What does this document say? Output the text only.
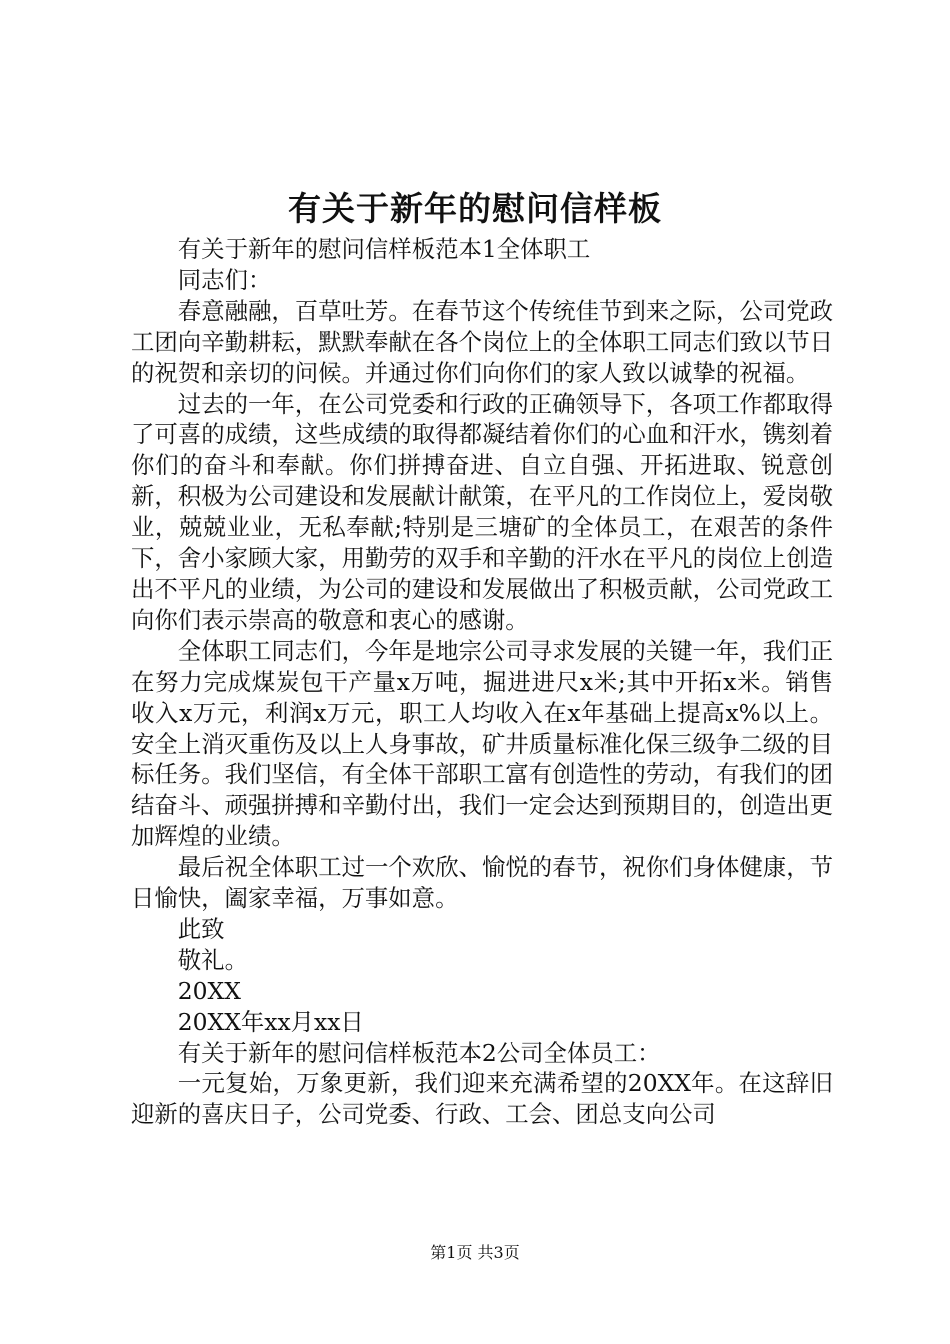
有关于新年的慰问信样板

有关于新年的慰问信样板范本1全体职工

同志们：

春意融融，百草吐芳。在春节这个传统佳节到来之际，公司党政工团向辛勤耕耘，默默奉献在各个岗位上的全体职工同志们致以节日的祝贺和亲切的问候。并通过你们向你们的家人致以诚挚的祝福。

过去的一年，在公司党委和行政的正确领导下，各项工作都取得了可喜的成绩，这些成绩的取得都凝结着你们的心血和汗水，镌刻着你们的奋斗和奉献。你们拼搏奋进、自立自强、开拓进取、锐意创新，积极为公司建设和发展献计献策，在平凡的工作岗位上，爱岗敬业，兢兢业业，无私奉献;特别是三塘矿的全体员工，在艰苦的条件下，舍小家顾大家，用勤劳的双手和辛勤的汗水在平凡的岗位上创造出不平凡的业绩，为公司的建设和发展做出了积极贡献，公司党政工向你们表示崇高的敬意和衷心的感谢。

全体职工同志们，今年是地宗公司寻求发展的关键一年，我们正在努力完成煤炭包干产量x万吨，掘进进尺x米;其中开拓x米。销售收入x万元，利润x万元，职工人均收入在x年基础上提高x%以上。安全上消灭重伤及以上人身事故，矿井质量标准化保三级争二级的目标任务。我们坚信，有全体干部职工富有创造性的劳动，有我们的团结奋斗、顽强拼搏和辛勤付出，我们一定会达到预期目的，创造出更加辉煌的业绩。

最后祝全体职工过一个欢欣、愉悦的春节，祝你们身体健康，节日愉快，阖家幸福，万事如意。

此致

敬礼。

20XX

20XX年xx月xx日

有关于新年的慰问信样板范本2公司全体员工：

一元复始，万象更新，我们迎来充满希望的20XX年。在这辞旧迎新的喜庆日子，公司党委、行政、工会、团总支向公司

第1页 共3页
